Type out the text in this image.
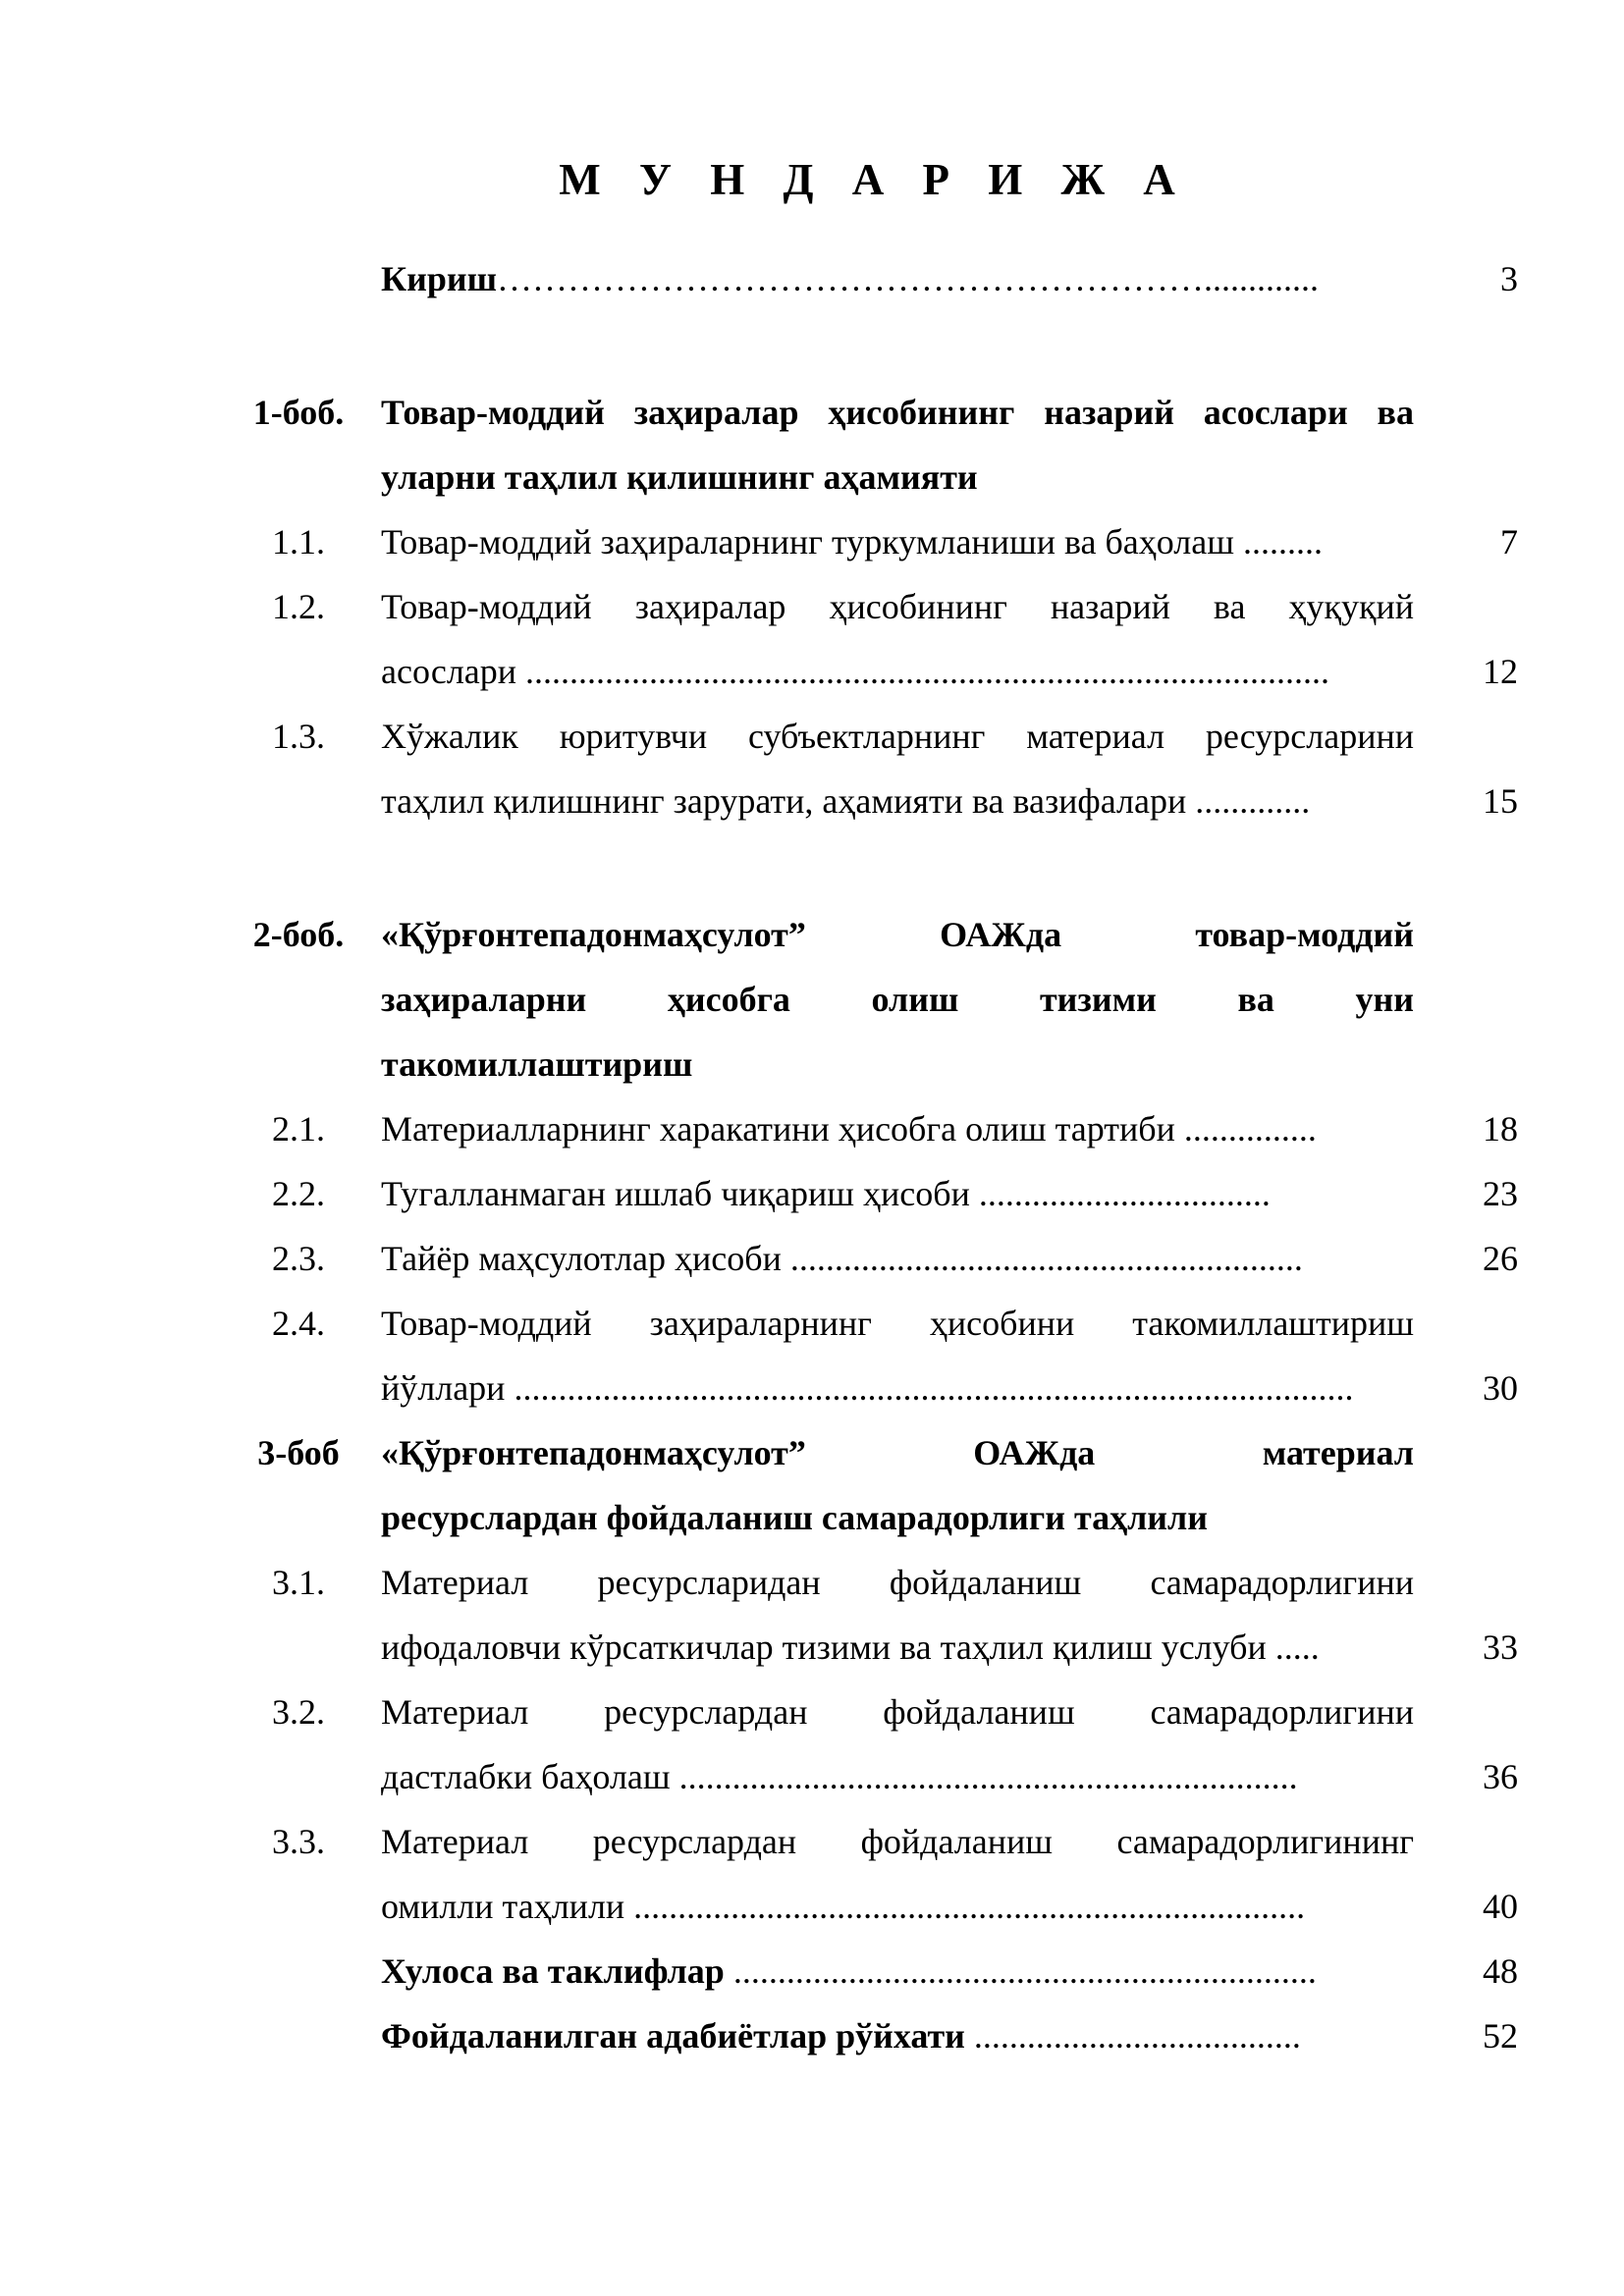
М У Н Д А Р И Ж А
Кириш…………………………………………………….............	3
1-боб.	Товар-моддий заҳиралар ҳисобининг назарий асослари ва
уларни таҳлил қилишнинг аҳамияти
1.1.	Товар-моддий заҳираларнинг туркумланиши ва баҳолаш .........	7
1.2.	Товар-моддий заҳиралар ҳисобининг назарий ва ҳуқуқий
асослари ...........................................................................................	12
1.3.	Хўжалик юритувчи субъектларнинг материал ресурсларини
таҳлил қилишнинг зарурати, аҳамияти ва вазифалари .............	15
2-боб.	«Қўрғонтепадонмаҳсулот” ОАЖда товар-моддий
заҳираларни ҳисобга олиш тизими ва уни
такомиллаштириш
2.1.	Материалларнинг харакатини ҳисобга олиш тартиби ...............	18
2.2.	Тугалланмаган ишлаб чиқариш ҳисоби .................................	23
2.3.	Тайёр маҳсулотлар ҳисоби ..........................................................	26
2.4.	Товар-моддий заҳираларнинг ҳисобини такомиллаштириш
йўллари ...............................................................................................	30
3-боб	«Қўрғонтепадонмаҳсулот” ОАЖда материал
ресурслардан фойдаланиш самарадорлиги таҳлили
3.1.	Материал ресурсларидан фойдаланиш самарадорлигини
ифодаловчи кўрсаткичлар тизими ва таҳлил қилиш услуби .....	33
3.2.	Материал ресурслардан фойдаланиш самарадорлигини
дастлабки баҳолаш ......................................................................	36
3.3.	Материал ресурслардан фойдаланиш самарадорлигининг
омилли таҳлили ............................................................................	40
Хулоса ва таклифлар ..................................................................	48
Фойдаланилган адабиётлар рўйхати .....................................	52
